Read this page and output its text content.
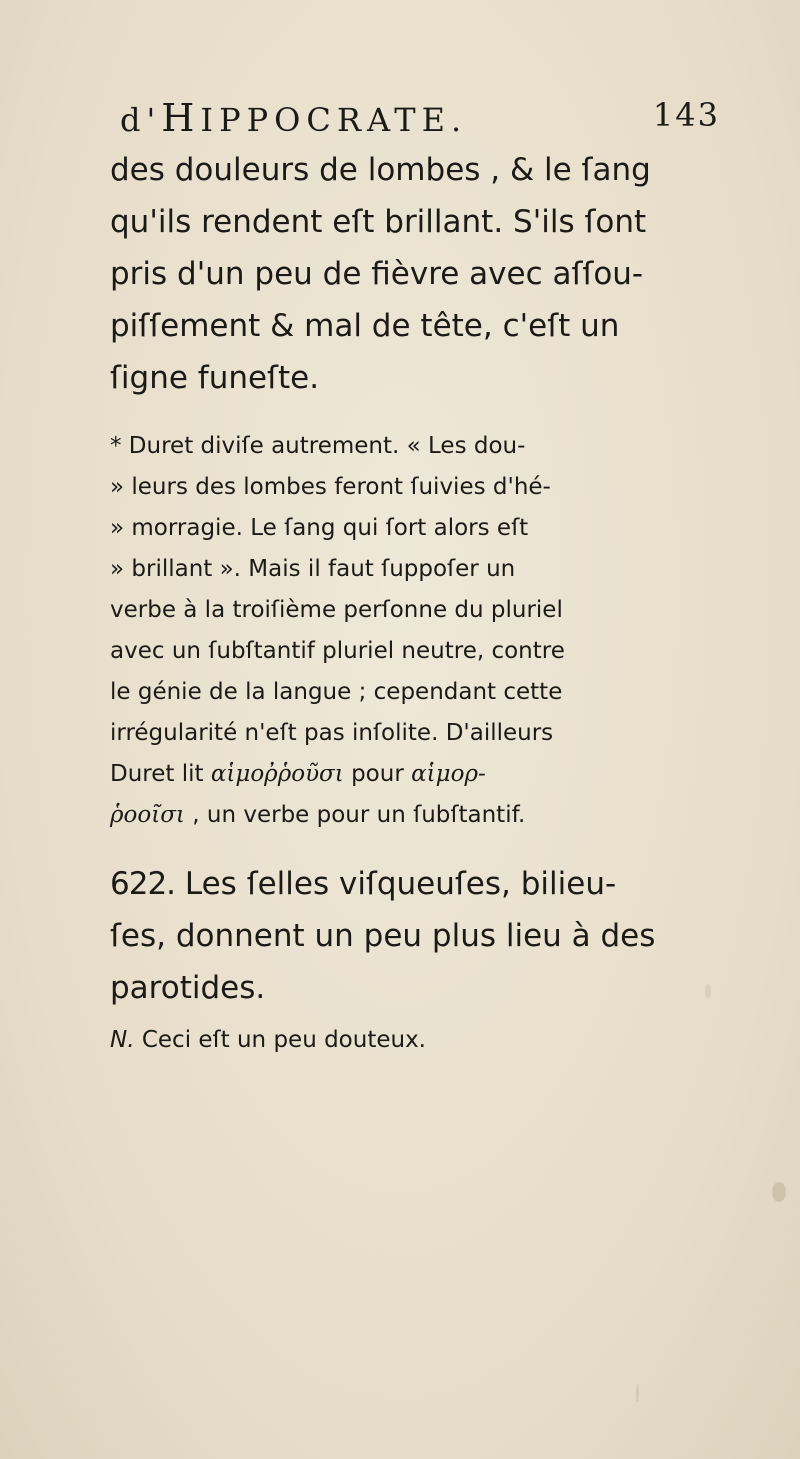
d'HIPPOCRATE.	143
des douleurs de lombes , & le ſang
qu'ils rendent eſt brillant. S'ils ſont
pris d'un peu de fièvre avec aſſou-
piſſement & mal de tête, c'eſt un
ſigne funeſte.
* Duret diviſe autrement. « Les dou-
» leurs des lombes feront ſuivies d'hé-
» morragie. Le ſang qui ſort alors eſt
» brillant ». Mais il faut ſuppoſer un
verbe à la troiſième perſonne du pluriel
avec un ſubſtantif pluriel neutre, contre
le génie de la langue ; cependant cette
irrégularité n'eſt pas inſolite. D'ailleurs
Duret lit αἱμοῤῥοῦσι pour αἱμορ-
ῥοοῖσι , un verbe pour un ſubſtantif.
622. Les ſelles viſqueuſes, bilieu-
ſes, donnent un peu plus lieu à des
parotides.
N. Ceci eſt un peu douteux.
